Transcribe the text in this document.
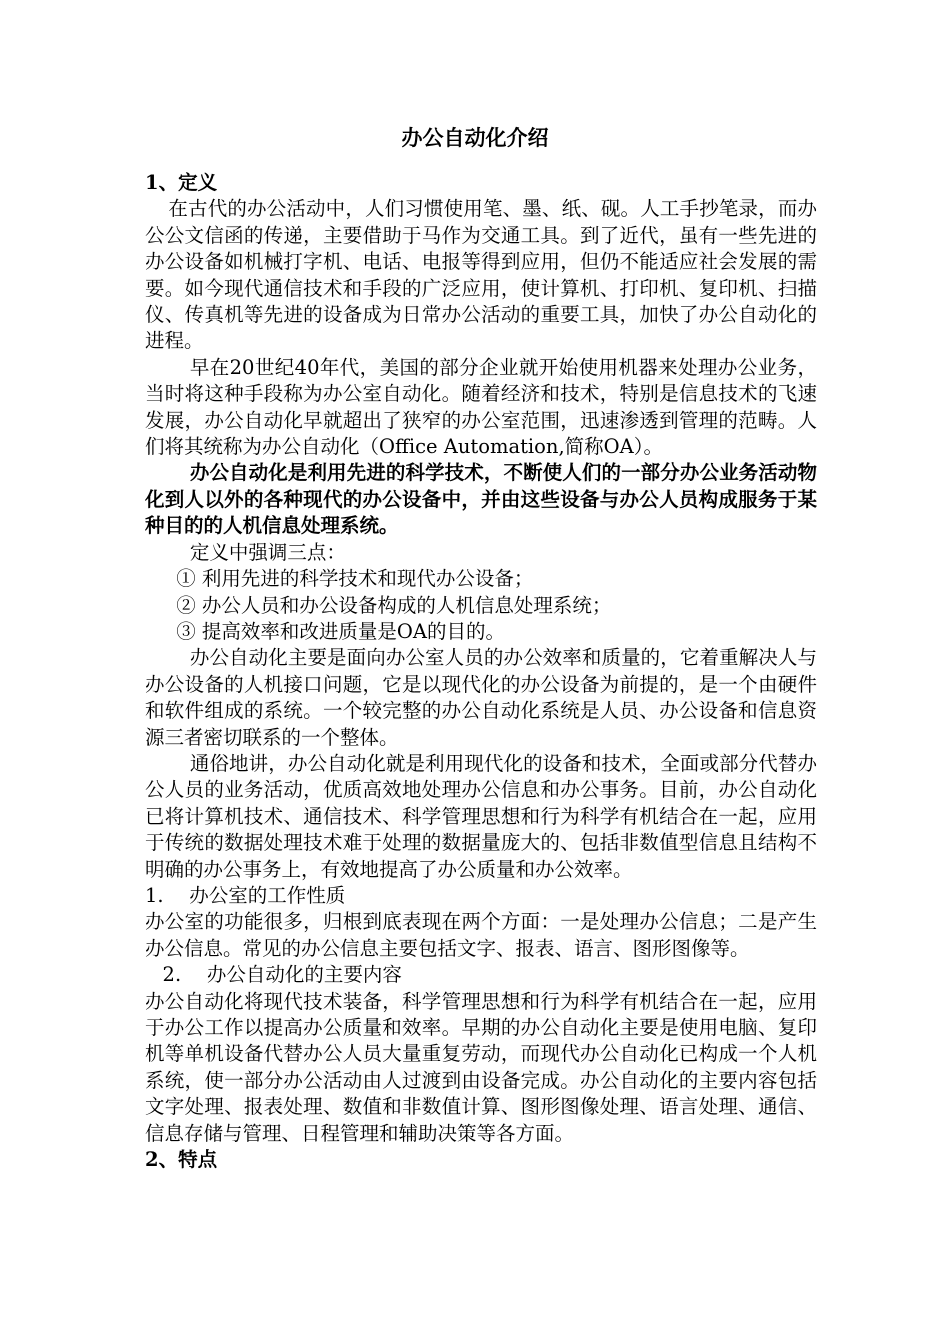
办公自动化介绍

1、定义

在古代的办公活动中，人们习惯使用笔、墨、纸、砚。人工手抄笔录，而办公公文信函的传递，主要借助于马作为交通工具。到了近代，虽有一些先进的办公设备如机械打字机、电话、电报等得到应用，但仍不能适应社会发展的需要。如今现代通信技术和手段的广泛应用，使计算机、打印机、复印机、扫描仪、传真机等先进的设备成为日常办公活动的重要工具，加快了办公自动化的进程。

早在20世纪40年代，美国的部分企业就开始使用机器来处理办公业务，当时将这种手段称为办公室自动化。随着经济和技术，特别是信息技术的飞速发展，办公自动化早就超出了狭窄的办公室范围，迅速渗透到管理的范畴。人们将其统称为办公自动化（Office Automation,简称OA）。

办公自动化是利用先进的科学技术，不断使人们的一部分办公业务活动物化到人以外的各种现代的办公设备中，并由这些设备与办公人员构成服务于某种目的的人机信息处理系统。

定义中强调三点：

① 利用先进的科学技术和现代办公设备；

② 办公人员和办公设备构成的人机信息处理系统；

③ 提高效率和改进质量是OA的目的。

办公自动化主要是面向办公室人员的办公效率和质量的，它着重解决人与办公设备的人机接口问题，它是以现代化的办公设备为前提的，是一个由硬件和软件组成的系统。一个较完整的办公自动化系统是人员、办公设备和信息资源三者密切联系的一个整体。

通俗地讲，办公自动化就是利用现代化的设备和技术，全面或部分代替办公人员的业务活动，优质高效地处理办公信息和办公事务。目前，办公自动化已将计算机技术、通信技术、科学管理思想和行为科学有机结合在一起，应用于传统的数据处理技术难于处理的数据量庞大的、包括非数值型信息且结构不明确的办公事务上，有效地提高了办公质量和办公效率。

1.　 办公室的工作性质

办公室的功能很多，归根到底表现在两个方面：一是处理办公信息；二是产生办公信息。常见的办公信息主要包括文字、报表、语言、图形图像等。

2.　 办公自动化的主要内容

办公自动化将现代技术装备，科学管理思想和行为科学有机结合在一起，应用于办公工作以提高办公质量和效率。早期的办公自动化主要是使用电脑、复印机等单机设备代替办公人员大量重复劳动，而现代办公自动化已构成一个人机系统，使一部分办公活动由人过渡到由设备完成。办公自动化的主要内容包括文字处理、报表处理、数值和非数值计算、图形图像处理、语言处理、通信、信息存储与管理、日程管理和辅助决策等各方面。

2、特点
